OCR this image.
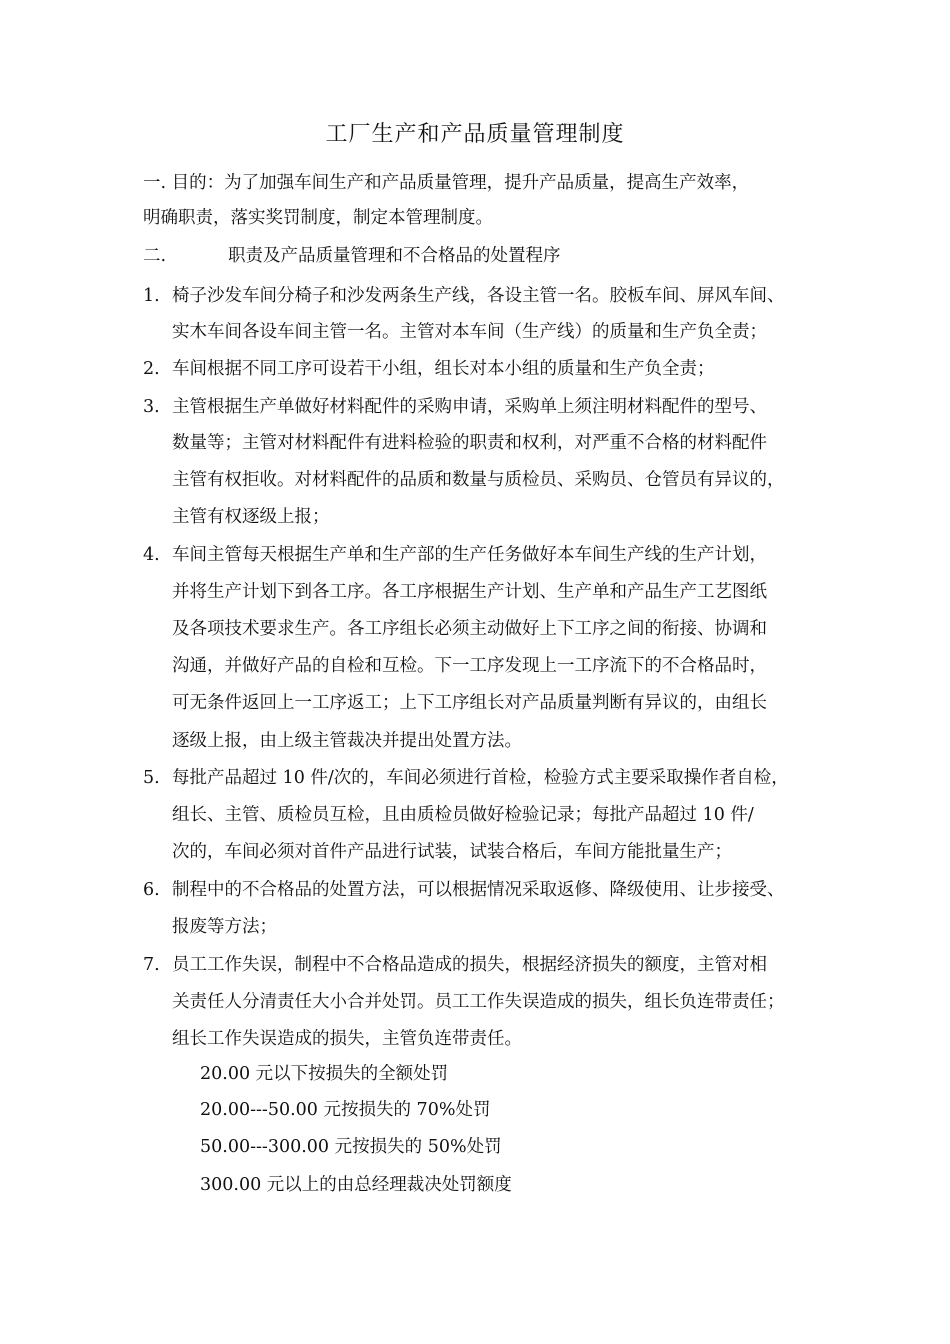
工厂生产和产品质量管理制度
一. 目的：为了加强车间生产和产品质量管理，提升产品质量，提高生产效率，
明确职责，落实奖罚制度，制定本管理制度。
二.	职责及产品质量管理和不合格品的处置程序
1. 椅子沙发车间分椅子和沙发两条生产线，各设主管一名。胶板车间、屏风车间、
实木车间各设车间主管一名。主管对本车间（生产线）的质量和生产负全责；
2. 车间根据不同工序可设若干小组，组长对本小组的质量和生产负全责；
3. 主管根据生产单做好材料配件的采购申请，采购单上须注明材料配件的型号、
数量等；主管对材料配件有进料检验的职责和权利，对严重不合格的材料配件
主管有权拒收。对材料配件的品质和数量与质检员、采购员、仓管员有异议的，
主管有权逐级上报；
4. 车间主管每天根据生产单和生产部的生产任务做好本车间生产线的生产计划，
并将生产计划下到各工序。各工序根据生产计划、生产单和产品生产工艺图纸
及各项技术要求生产。各工序组长必须主动做好上下工序之间的衔接、协调和
沟通，并做好产品的自检和互检。下一工序发现上一工序流下的不合格品时，
可无条件返回上一工序返工；上下工序组长对产品质量判断有异议的，由组长
逐级上报，由上级主管裁决并提出处置方法。
5. 每批产品超过 10 件/次的，车间必须进行首检，检验方式主要采取操作者自检，
组长、主管、质检员互检，且由质检员做好检验记录；每批产品超过 10 件/
次的，车间必须对首件产品进行试装，试装合格后，车间方能批量生产；
6. 制程中的不合格品的处置方法，可以根据情况采取返修、降级使用、让步接受、
报废等方法；
7. 员工工作失误，制程中不合格品造成的损失，根据经济损失的额度，主管对相
关责任人分清责任大小合并处罚。员工工作失误造成的损失，组长负连带责任；
组长工作失误造成的损失，主管负连带责任。
20.00 元以下按损失的全额处罚
20.00---50.00 元按损失的 70%处罚
50.00---300.00 元按损失的 50%处罚
300.00 元以上的由总经理裁决处罚额度
